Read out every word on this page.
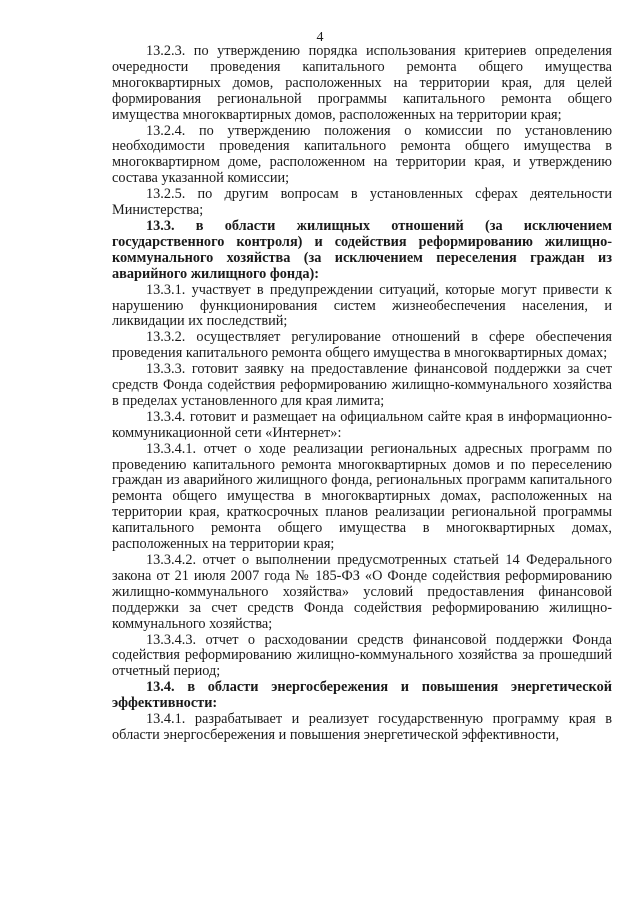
4

13.2.3. по утверждению порядка использования критериев определения очередности проведения капитального ремонта общего имущества многоквартирных домов, расположенных на территории края, для целей формирования региональной программы капитального ремонта общего имущества многоквартирных домов, расположенных на территории края;

13.2.4. по утверждению положения о комиссии по установлению необходимости проведения капитального ремонта общего имущества в многоквартирном доме, расположенном на территории края, и утверждению состава указанной комиссии;

13.2.5. по другим вопросам в установленных сферах деятельности Министерства;

13.3. в области жилищных отношений (за исключением государственного контроля) и содействия реформированию жилищно-коммунального хозяйства (за исключением переселения граждан из аварийного жилищного фонда):

13.3.1. участвует в предупреждении ситуаций, которые могут привести к нарушению функционирования систем жизнеобеспечения населения, и ликвидации их последствий;

13.3.2. осуществляет регулирование отношений в сфере обеспечения проведения капитального ремонта общего имущества в многоквартирных домах;

13.3.3. готовит заявку на предоставление финансовой поддержки за счет средств Фонда содействия реформированию жилищно-коммунального хозяйства в пределах установленного для края лимита;

13.3.4. готовит и размещает на официальном сайте края в информационно-коммуникационной сети «Интернет»:

13.3.4.1. отчет о ходе реализации региональных адресных программ по проведению капитального ремонта многоквартирных домов и по переселению граждан из аварийного жилищного фонда, региональных программ капитального ремонта общего имущества в многоквартирных домах, расположенных на территории края, краткосрочных планов реализации региональной программы капитального ремонта общего имущества в многоквартирных домах, расположенных на территории края;

13.3.4.2. отчет о выполнении предусмотренных статьей 14 Федерального закона от 21 июля 2007 года № 185-ФЗ «О Фонде содействия реформированию жилищно-коммунального хозяйства» условий предоставления финансовой поддержки за счет средств Фонда содействия реформированию жилищно-коммунального хозяйства;

13.3.4.3. отчет о расходовании средств финансовой поддержки Фонда содействия реформированию жилищно-коммунального хозяйства за прошедший отчетный период;

13.4. в области энергосбережения и повышения энергетической эффективности:

13.4.1. разрабатывает и реализует государственную программу края в области энергосбережения и повышения энергетической эффективности,
